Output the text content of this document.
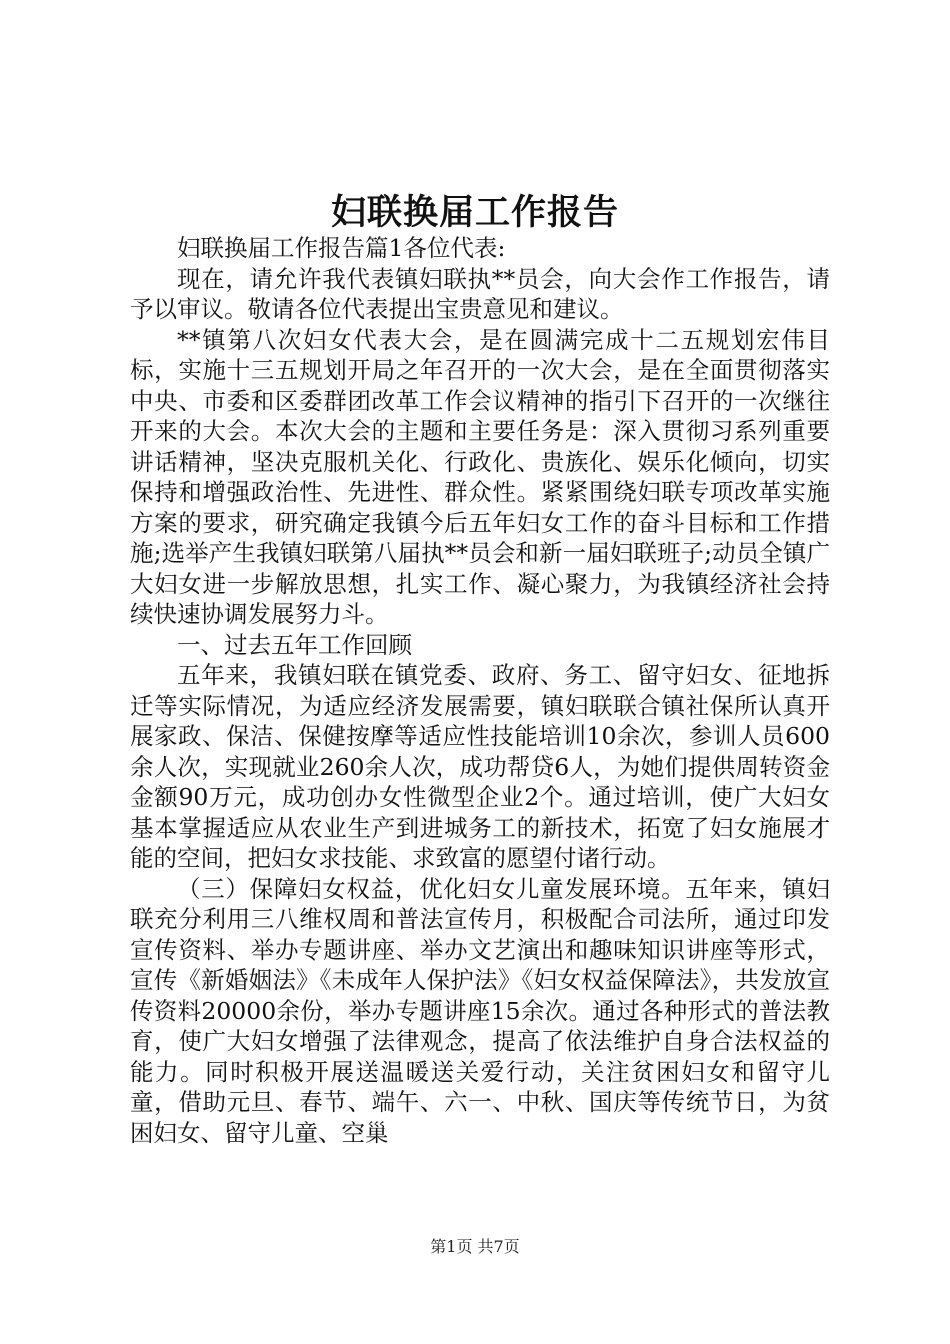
妇联换届工作报告

妇联换届工作报告篇1各位代表:

现在，请允许我代表镇妇联执**员会，向大会作工作报告，请予以审议。敬请各位代表提出宝贵意见和建议。

**镇第八次妇女代表大会，是在圆满完成十二五规划宏伟目标，实施十三五规划开局之年召开的一次大会，是在全面贯彻落实中央、市委和区委群团改革工作会议精神的指引下召开的一次继往开来的大会。本次大会的主题和主要任务是：深入贯彻习系列重要讲话精神，坚决克服机关化、行政化、贵族化、娱乐化倾向，切实保持和增强政治性、先进性、群众性。紧紧围绕妇联专项改革实施方案的要求，研究确定我镇今后五年妇女工作的奋斗目标和工作措施;选举产生我镇妇联第八届执**员会和新一届妇联班子;动员全镇广大妇女进一步解放思想，扎实工作、凝心聚力，为我镇经济社会持续快速协调发展努力斗。

一、过去五年工作回顾

五年来，我镇妇联在镇党委、政府、务工、留守妇女、征地拆迁等实际情况，为适应经济发展需要，镇妇联联合镇社保所认真开展家政、保洁、保健按摩等适应性技能培训10余次，参训人员600余人次，实现就业260余人次，成功帮贷6人，为她们提供周转资金金额90万元，成功创办女性微型企业2个。通过培训，使广大妇女基本掌握适应从农业生产到进城务工的新技术，拓宽了妇女施展才能的空间，把妇女求技能、求致富的愿望付诸行动。

（三）保障妇女权益，优化妇女儿童发展环境。五年来，镇妇联充分利用三八维权周和普法宣传月，积极配合司法所，通过印发宣传资料、举办专题讲座、举办文艺演出和趣味知识讲座等形式，宣传《新婚姻法》《未成年人保护法》《妇女权益保障法》，共发放宣传资料20000余份，举办专题讲座15余次。通过各种形式的普法教育，使广大妇女增强了法律观念，提高了依法维护自身合法权益的能力。同时积极开展送温暖送关爱行动，关注贫困妇女和留守儿童，借助元旦、春节、端午、六一、中秋、国庆等传统节日，为贫困妇女、留守儿童、空巢

第1页 共7页
